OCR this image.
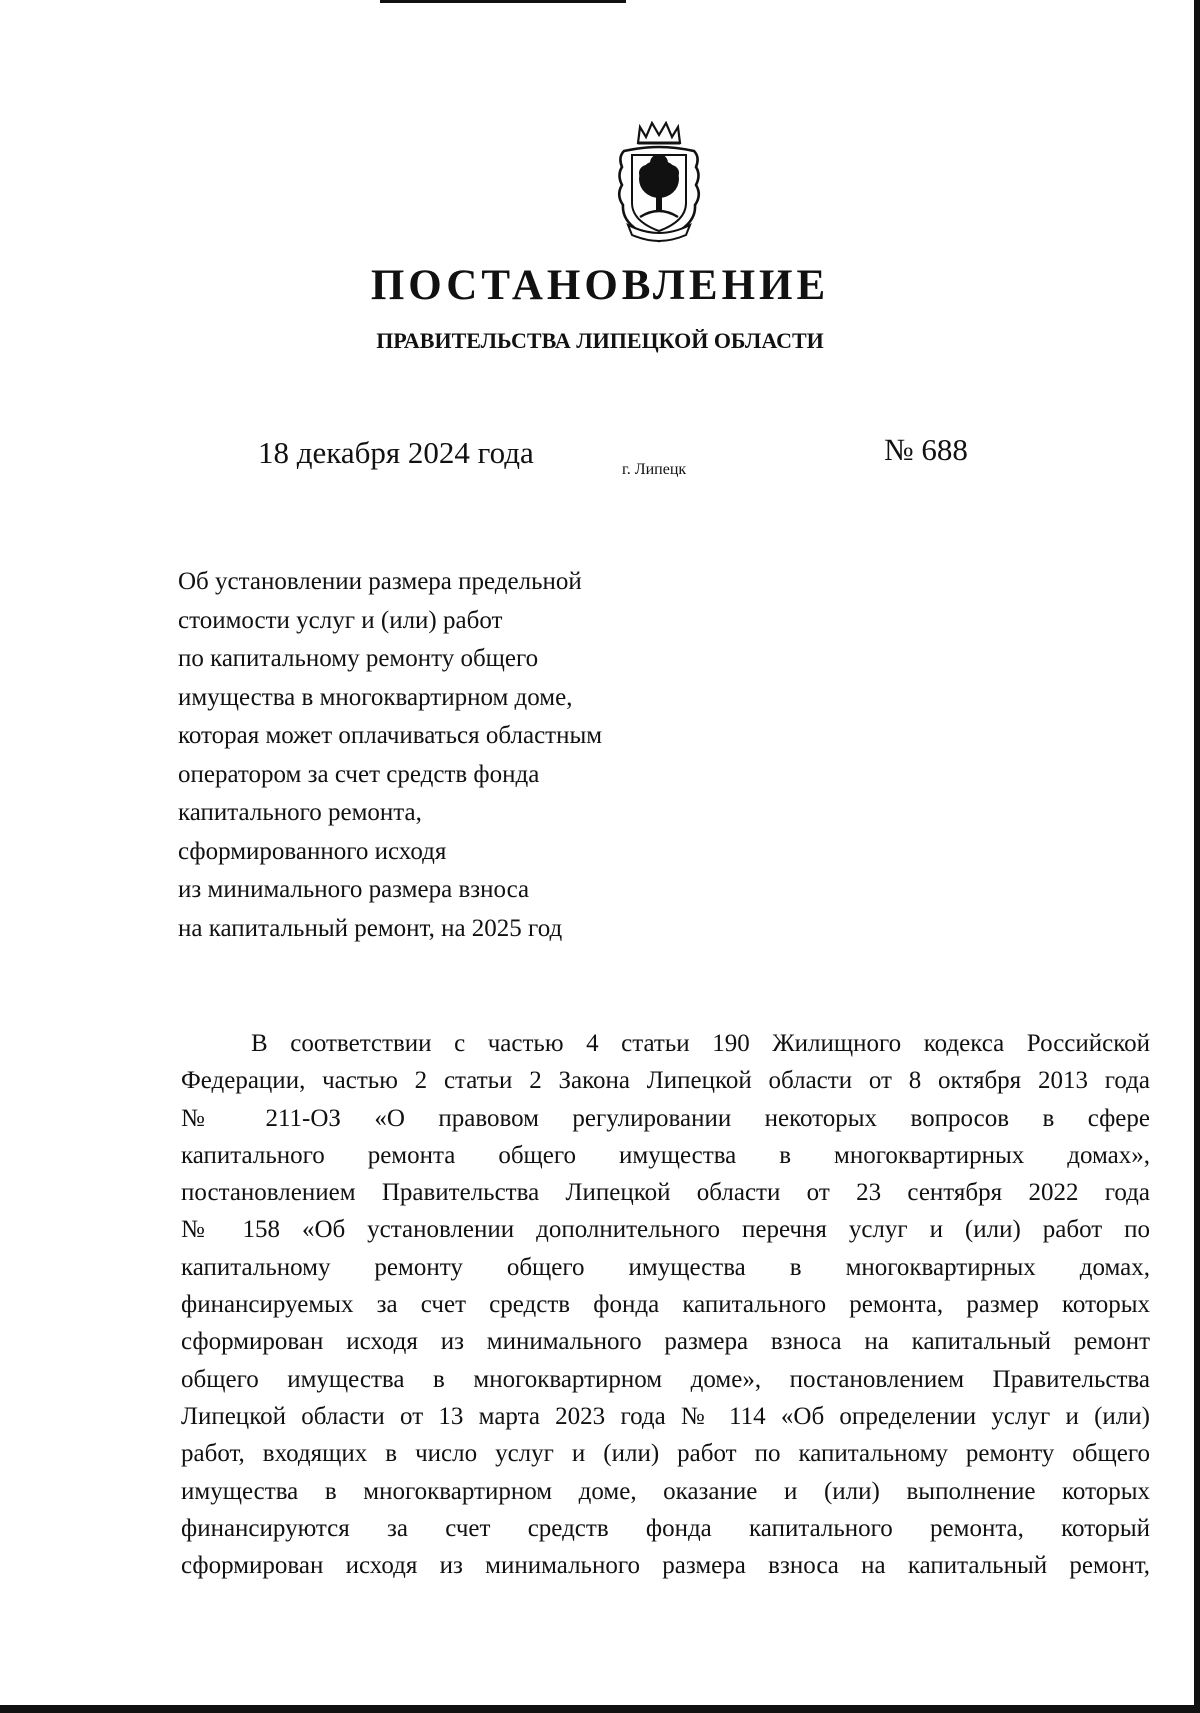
ПОСТАНОВЛЕНИЕ
ПРАВИТЕЛЬСТВА ЛИПЕЦКОЙ ОБЛАСТИ
18 декабря 2024 года	г. Липецк
№ 688
Об установлении размера предельной
стоимости услуг и (или) работ
по капитальному ремонту общего
имущества в многоквартирном доме,
которая может оплачиваться областным
оператором за счет средств фонда
капитального ремонта,
сформированного исходя
из минимального размера взноса
на капитальный ремонт, на 2025 год
В соответствии с частью 4 статьи 190 Жилищного кодекса Российской
Федерации, частью 2 статьи 2 Закона Липецкой области от 8 октября 2013 года
№ 211-ОЗ «О правовом регулировании некоторых вопросов в сфере
капитального ремонта общего имущества в многоквартирных домах»,
постановлением Правительства Липецкой области от 23 сентября 2022 года
№ 158 «Об установлении дополнительного перечня услуг и (или) работ по
капитальному ремонту общего имущества в многоквартирных домах,
финансируемых за счет средств фонда капитального ремонта, размер которых
сформирован исходя из минимального размера взноса на капитальный ремонт
общего имущества в многоквартирном доме», постановлением Правительства
Липецкой области от 13 марта 2023 года № 114 «Об определении услуг и (или)
работ, входящих в число услуг и (или) работ по капитальному ремонту общего
имущества в многоквартирном доме, оказание и (или) выполнение которых
финансируются за счет средств фонда капитального ремонта, который
сформирован исходя из минимального размера взноса на капитальный ремонт,
